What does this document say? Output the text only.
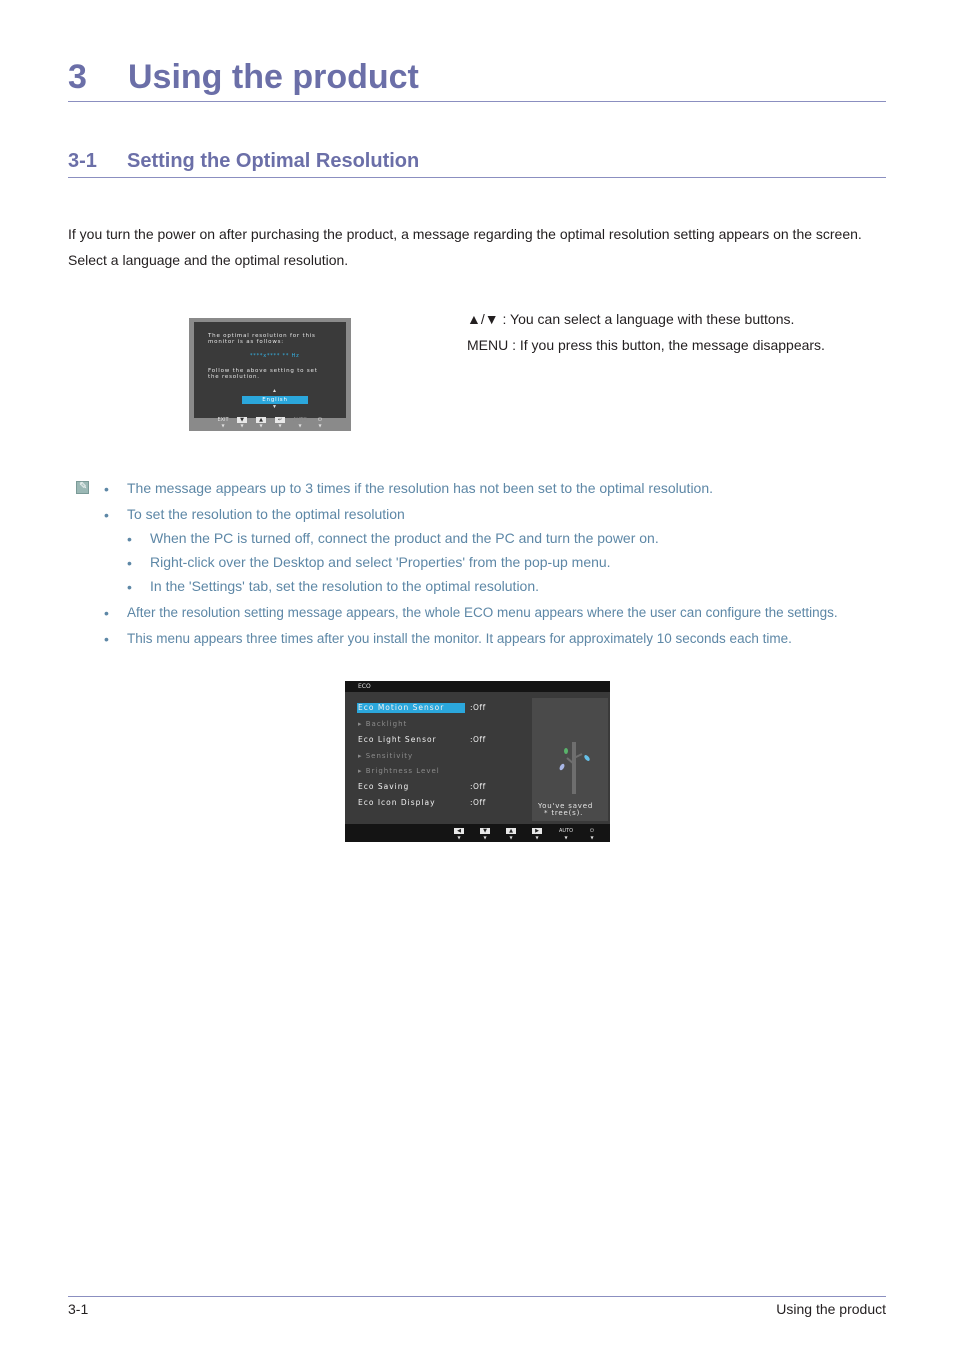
3 Using the product
3-1 Setting the Optimal Resolution
If you turn the power on after purchasing the product, a message regarding the optimal resolution setting appears on the screen.
Select a language and the optimal resolution.
The optimal resolution for this
monitor is as follows:
****x**** ** Hz
Follow the above setting to set
the resolution.
▲
English
▼
EXIT
▼
▼
▼
▲
▼
↵
▼
AUTO
▼
⏻
▼
▲/▼ : You can select a language with these buttons.
MENU : If you press this button, the message disappears.
✎ • The message appears up to 3 times if the resolution has not been set to the optimal resolution.
• To set the resolution to the optimal resolution
• When the PC is turned off, connect the product and the PC and turn the power on.
• Right-click over the Desktop and select 'Properties' from the pop-up menu.
• In the 'Settings' tab, set the resolution to the optimal resolution.
• After the resolution setting message appears, the whole ECO menu appears where the user can configure the settings.
• This menu appears three times after you install the monitor. It appears for approximately 10 seconds each time.
ECO
Eco Motion Sensor	:Off
▸ Backlight
Eco Light Sensor	:Off
▸ Sensitivity
▸ Brightness Level
Eco Saving	:Off
Eco Icon Display	:Off	You've saved
* tree(s).
◀
▼
▼
▼
▲
▼
▶
▼
AUTO
▼
⏻
▼
3-1	Using the product
